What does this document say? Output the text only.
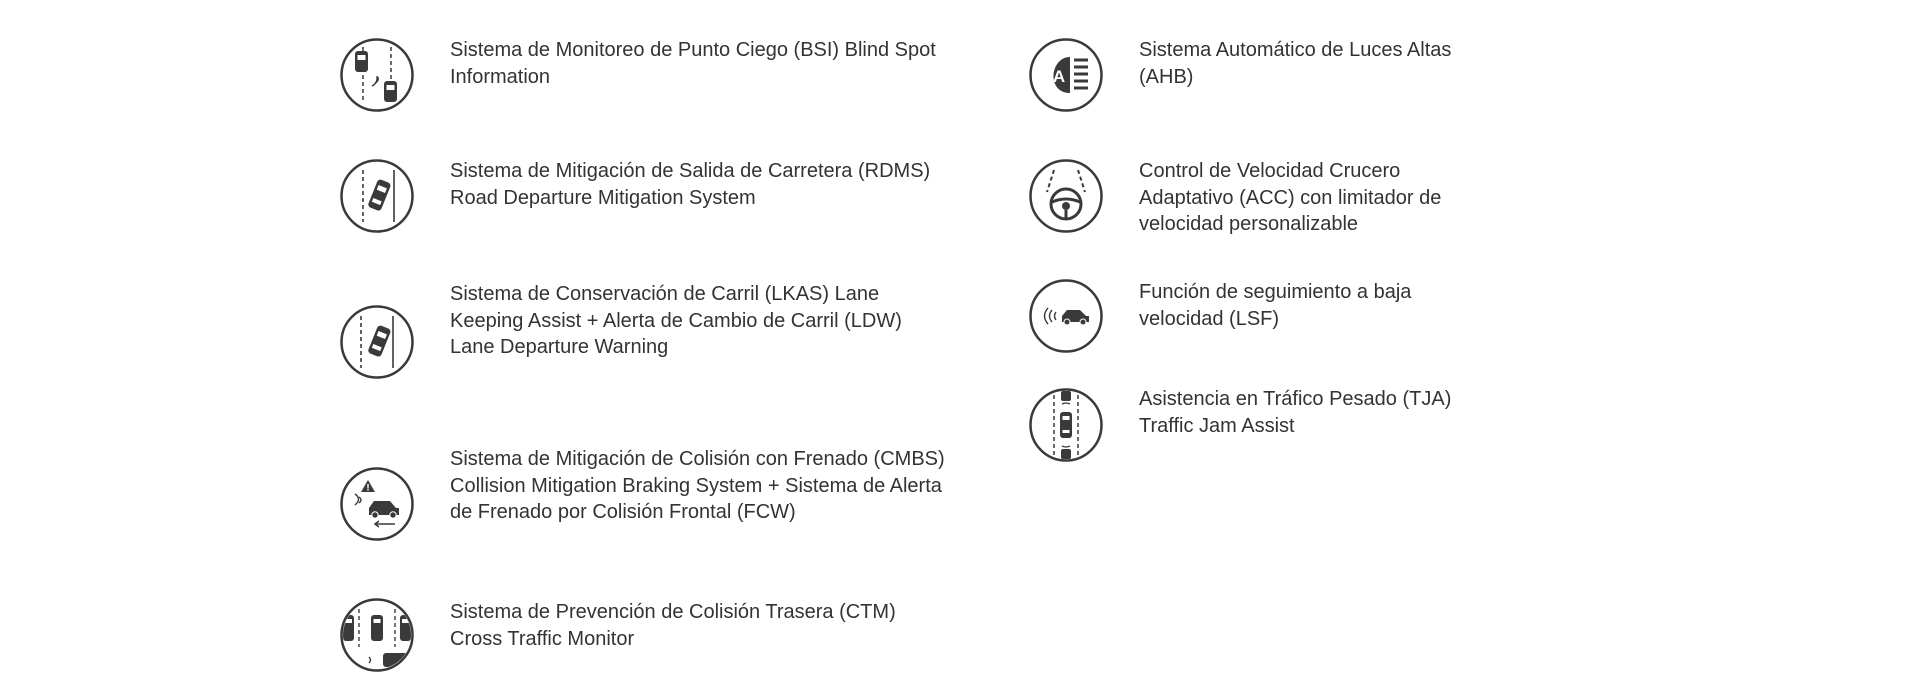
Sistema de Monitoreo de Punto Ciego (BSI) Blind Spot Information

Sistema de Mitigación de Salida de Carretera (RDMS) Road Departure Mitigation System

Sistema de Conservación de Carril (LKAS) Lane Keeping Assist + Alerta de Cambio de Carril (LDW) Lane Departure Warning

Sistema de Mitigación de Colisión con Frenado (CMBS) Collision Mitigation Braking System + Sistema de Alerta de Frenado por Colisión Frontal (FCW)

Sistema de Prevención de Colisión Trasera (CTM) Cross Traffic Monitor

A

Sistema Automático de Luces Altas (AHB)

Control de Velocidad Crucero Adaptativo (ACC) con limitador de velocidad personalizable

Función de seguimiento a baja velocidad (LSF)

Asistencia en Tráfico Pesado (TJA) Traffic Jam Assist
